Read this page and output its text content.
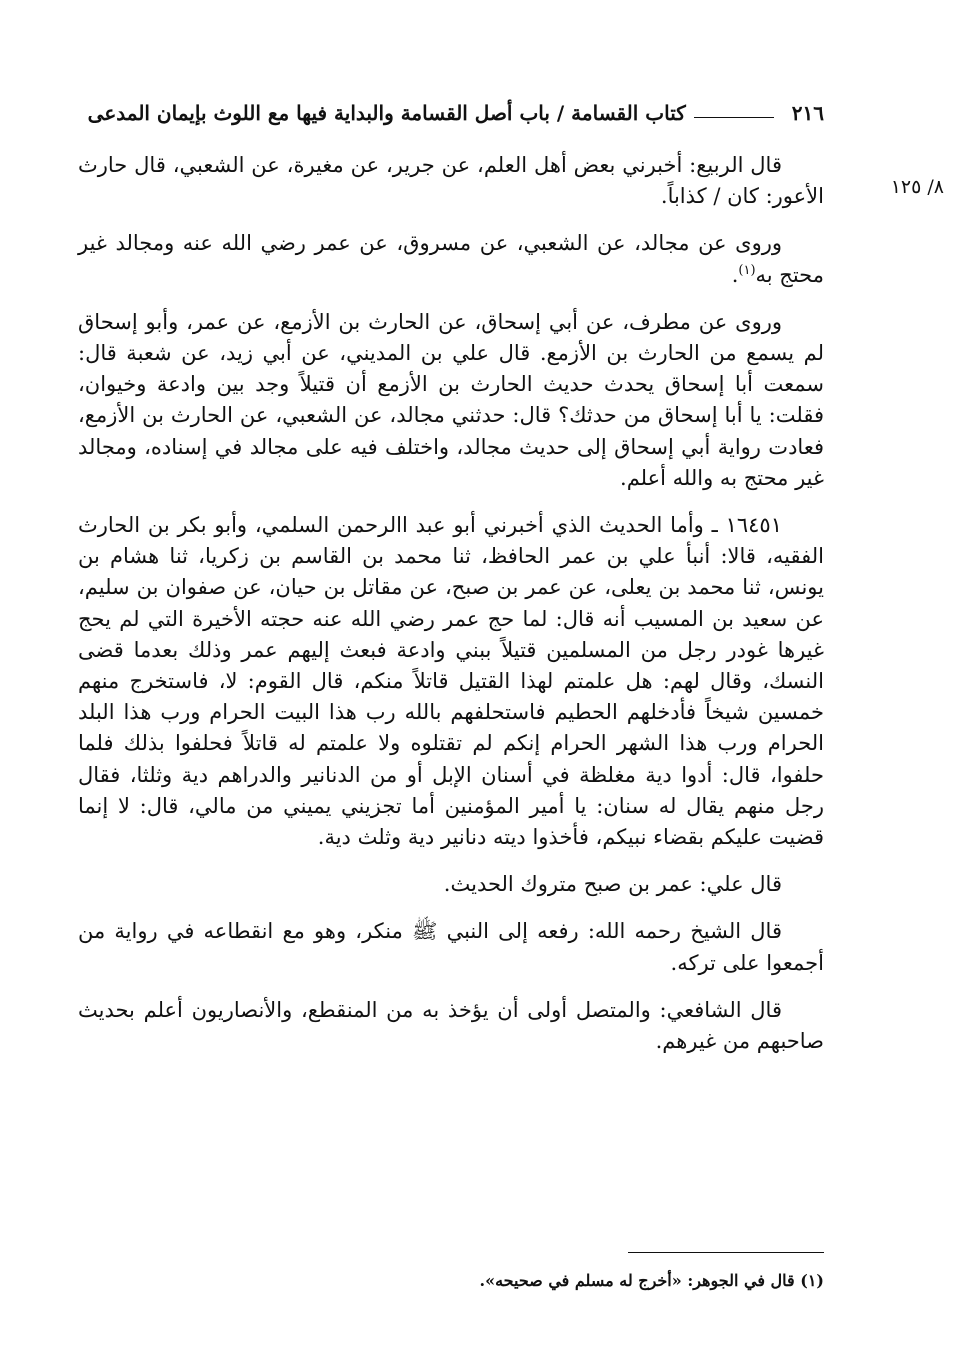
٢١٦
كتاب القسامة / باب أصل القسامة والبداية فيها مع اللوث بإيمان المدعى
٨/ ١٢٥

قال الربيع: أخبرني بعض أهل العلم، عن جرير، عن مغيرة، عن الشعبي، قال حارث الأعور: كان / كذاباً.

وروى عن مجالد، عن الشعبي، عن مسروق، عن عمر رضي الله عنه ومجالد غير محتج به$^{(١)}$.

وروى عن مطرف، عن أبي إسحاق، عن الحارث بن الأزمع، عن عمر، وأبو إسحاق لم يسمع من الحارث بن الأزمع. قال علي بن المديني، عن أبي زيد، عن شعبة قال: سمعت أبا إسحاق يحدث حديث الحارث بن الأزمع أن قتيلاً وجد بين وادعة وخيوان، فقلت: يا أبا إسحاق من حدثك؟ قال: حدثني مجالد، عن الشعبي، عن الحارث بن الأزمع، فعادت رواية أبي إسحاق إلى حديث مجالد، واختلف فيه على مجالد في إسناده، ومجالد غير محتج به والله أعلم.

١٦٤٥١ ـ وأما الحديث الذي أخبرني أبو عبد االرحمن السلمي، وأبو بكر بن الحارث الفقيه، قالا: أنبأ علي بن عمر الحافظ، ثنا محمد بن القاسم بن زكريا، ثنا هشام بن يونس، ثنا محمد بن يعلى، عن عمر بن صبح، عن مقاتل بن حيان، عن صفوان بن سليم، عن سعيد بن المسيب أنه قال: لما حج عمر رضي الله عنه حجته الأخيرة التي لم يحج غيرها غودر رجل من المسلمين قتيلاً ببني وادعة فبعث إليهم عمر وذلك بعدما قضى النسك، وقال لهم: هل علمتم لهذا القتيل قاتلاً منكم، قال القوم: لا، فاستخرج منهم خمسين شيخاً فأدخلهم الحطيم فاستحلفهم بالله رب هذا البيت الحرام ورب هذا البلد الحرام ورب هذا الشهر الحرام إنكم لم تقتلوه ولا علمتم له قاتلاً فحلفوا بذلك فلما حلفوا، قال: أدوا دية مغلظة في أسنان الإبل أو من الدنانير والدراهم دية وثلثا، فقال رجل منهم يقال له سنان: يا أمير المؤمنين أما تجزيني يميني من مالي، قال: لا إنما قضيت عليكم بقضاء نبيكم، فأخذوا ديته دنانير دية وثلث دية.

قال علي: عمر بن صبح متروك الحديث.

قال الشيخ رحمه الله: رفعه إلى النبي ﷺ منكر، وهو مع انقطاعه في رواية من أجمعوا على تركه.

قال الشافعي: والمتصل أولى أن يؤخذ به من المنقطع، والأنصاريون أعلم بحديث صاحبهم من غيرهم.

(١) قال في الجوهر: «أخرج له مسلم في صحيحه».
